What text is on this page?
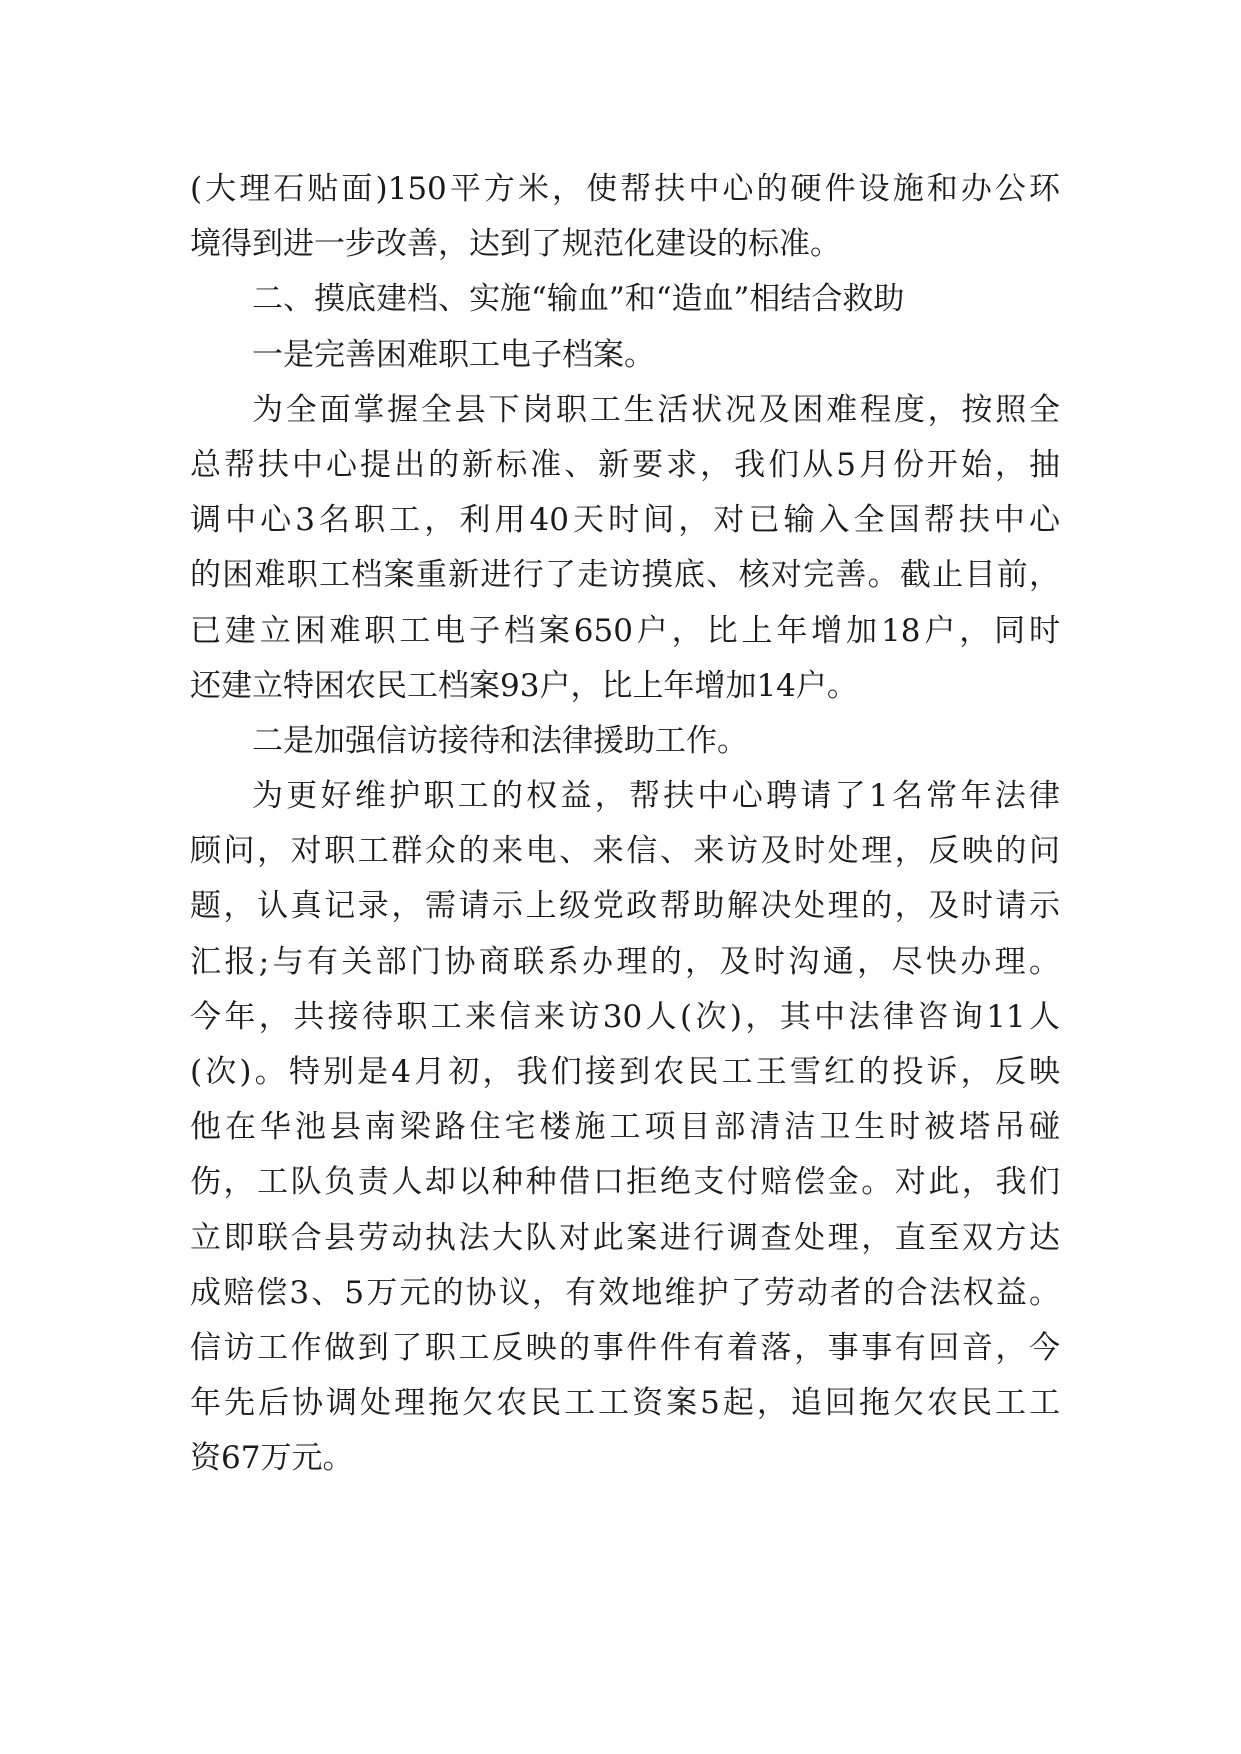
(大理石贴面)150平方米，使帮扶中心的硬件设施和办公环
境得到进一步改善，达到了规范化建设的标准。
二、摸底建档、实施“输血”和“造血”相结合救助
一是完善困难职工电子档案。
为全面掌握全县下岗职工生活状况及困难程度，按照全
总帮扶中心提出的新标准、新要求，我们从5月份开始，抽
调中心3名职工，利用40天时间，对已输入全国帮扶中心
的困难职工档案重新进行了走访摸底、核对完善。截止目前，
已建立困难职工电子档案650户，比上年增加18户，同时
还建立特困农民工档案93户，比上年增加14户。
二是加强信访接待和法律援助工作。
为更好维护职工的权益，帮扶中心聘请了1名常年法律
顾问，对职工群众的来电、来信、来访及时处理，反映的问
题，认真记录，需请示上级党政帮助解决处理的，及时请示
汇报;与有关部门协商联系办理的，及时沟通，尽快办理。
今年，共接待职工来信来访30人(次)，其中法律咨询11人
(次)。特别是4月初，我们接到农民工王雪红的投诉，反映
他在华池县南梁路住宅楼施工项目部清洁卫生时被塔吊碰
伤，工队负责人却以种种借口拒绝支付赔偿金。对此，我们
立即联合县劳动执法大队对此案进行调查处理，直至双方达
成赔偿3、5万元的协议，有效地维护了劳动者的合法权益。
信访工作做到了职工反映的事件件有着落，事事有回音，今
年先后协调处理拖欠农民工工资案5起，追回拖欠农民工工
资67万元。
